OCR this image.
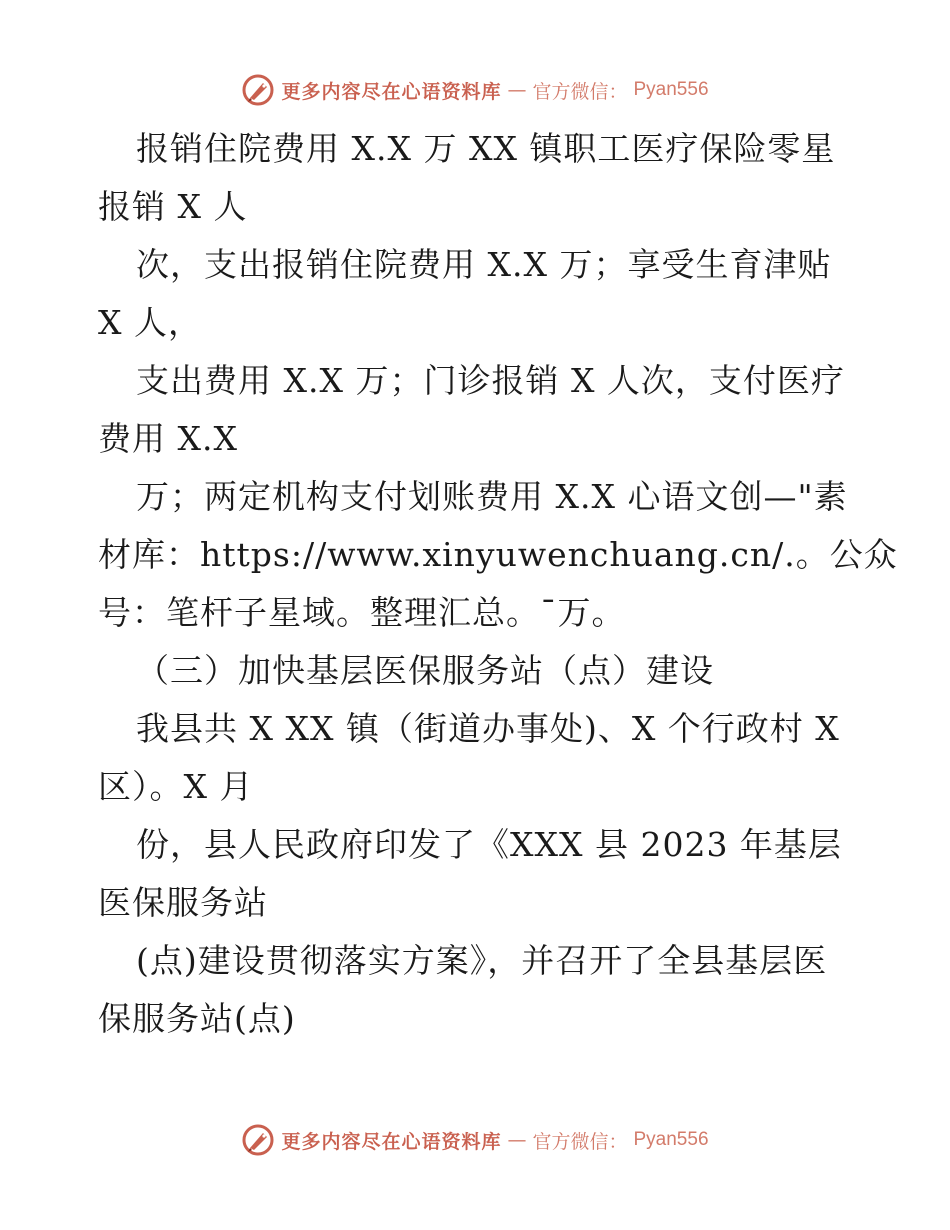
更多内容尽在心语资料库 — 官方微信： Pyan556
报销住院费用 X.X 万 XX 镇职工医疗保险零星
报销 X 人
次，支出报销住院费用 X.X 万；享受生育津贴
X 人，
支出费用 X.X 万；门诊报销 X 人次，支付医疗
费用 X.X
万；两定机构支付划账费用 X.X 心语文创—"素
材库：https://www.xinyuwenchuang.cn/.。公众
号：笔杆子星域。整理汇总。¯万。
（三）加快基层医保服务站（点）建设
我县共 X XX 镇（街道办事处)、X 个行政村 X
区）。X 月
份，县人民政府印发了《XXX 县 2023 年基层
医保服务站
(点)建设贯彻落实方案》，并召开了全县基层医
保服务站(点)
更多内容尽在心语资料库 — 官方微信： Pyan556
